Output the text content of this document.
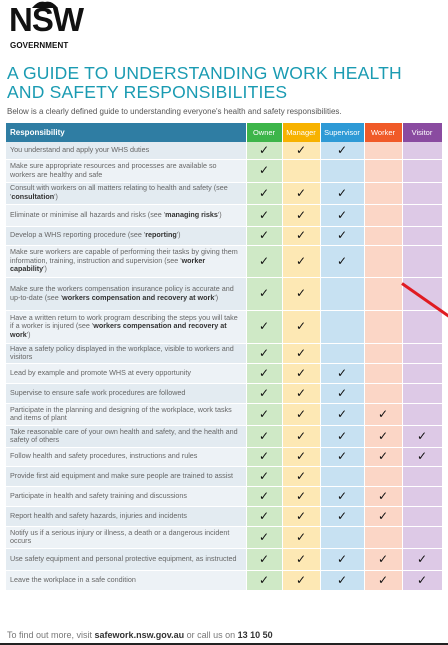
NSW
GOVERNMENT
A GUIDE TO UNDERSTANDING WORK HEALTH
AND SAFETY RESPONSIBILITIES
Below is a clearly defined guide to understanding everyone's health and safety responsibilities.
Responsibility	Owner	Manager	Supervisor	Worker	Visitor
You understand and apply your WHS duties	✓	✓	✓		
Make sure appropriate resources and processes are available so workers are healthy and safe	✓				
Consult with workers on all matters relating to health and safety (see 'consultation')	✓	✓	✓		
Eliminate or minimise all hazards and risks (see 'managing risks')	✓	✓	✓		
Develop a WHS reporting procedure (see 'reporting')	✓	✓	✓		
Make sure workers are capable of performing their tasks by giving them information, training, instruction and supervision (see 'worker capability')	✓	✓	✓		
Make sure the workers compensation insurance policy is accurate and up-to-date (see 'workers compensation and recovery at work')	✓	✓			
Have a written return to work program describing the steps you will take if a worker is injured (see 'workers compensation and recovery at work')	✓	✓			
Have a safety policy displayed in the workplace, visible to workers and visitors	✓	✓			
Lead by example and promote WHS at every opportunity	✓	✓	✓		
Supervise to ensure safe work procedures are followed	✓	✓	✓		
Participate in the planning and designing of the workplace, work tasks and items of plant	✓	✓	✓	✓	
Take reasonable care of your own health and safety, and the health and safety of others	✓	✓	✓	✓	✓
Follow health and safety procedures, instructions and rules	✓	✓	✓	✓	✓
Provide first aid equipment and make sure people are trained to assist	✓	✓			
Participate in health and safety training and discussions	✓	✓	✓	✓	
Report health and safety hazards, injuries and incidents	✓	✓	✓	✓	
Notify us if a serious injury or illness, a death or a dangerous incident occurs	✓	✓			
Use safety equipment and personal protective equipment, as instructed	✓	✓	✓	✓	✓
Leave the workplace in a safe condition	✓	✓	✓	✓	✓
To find out more, visit safework.nsw.gov.au or call us on 13 10 50
